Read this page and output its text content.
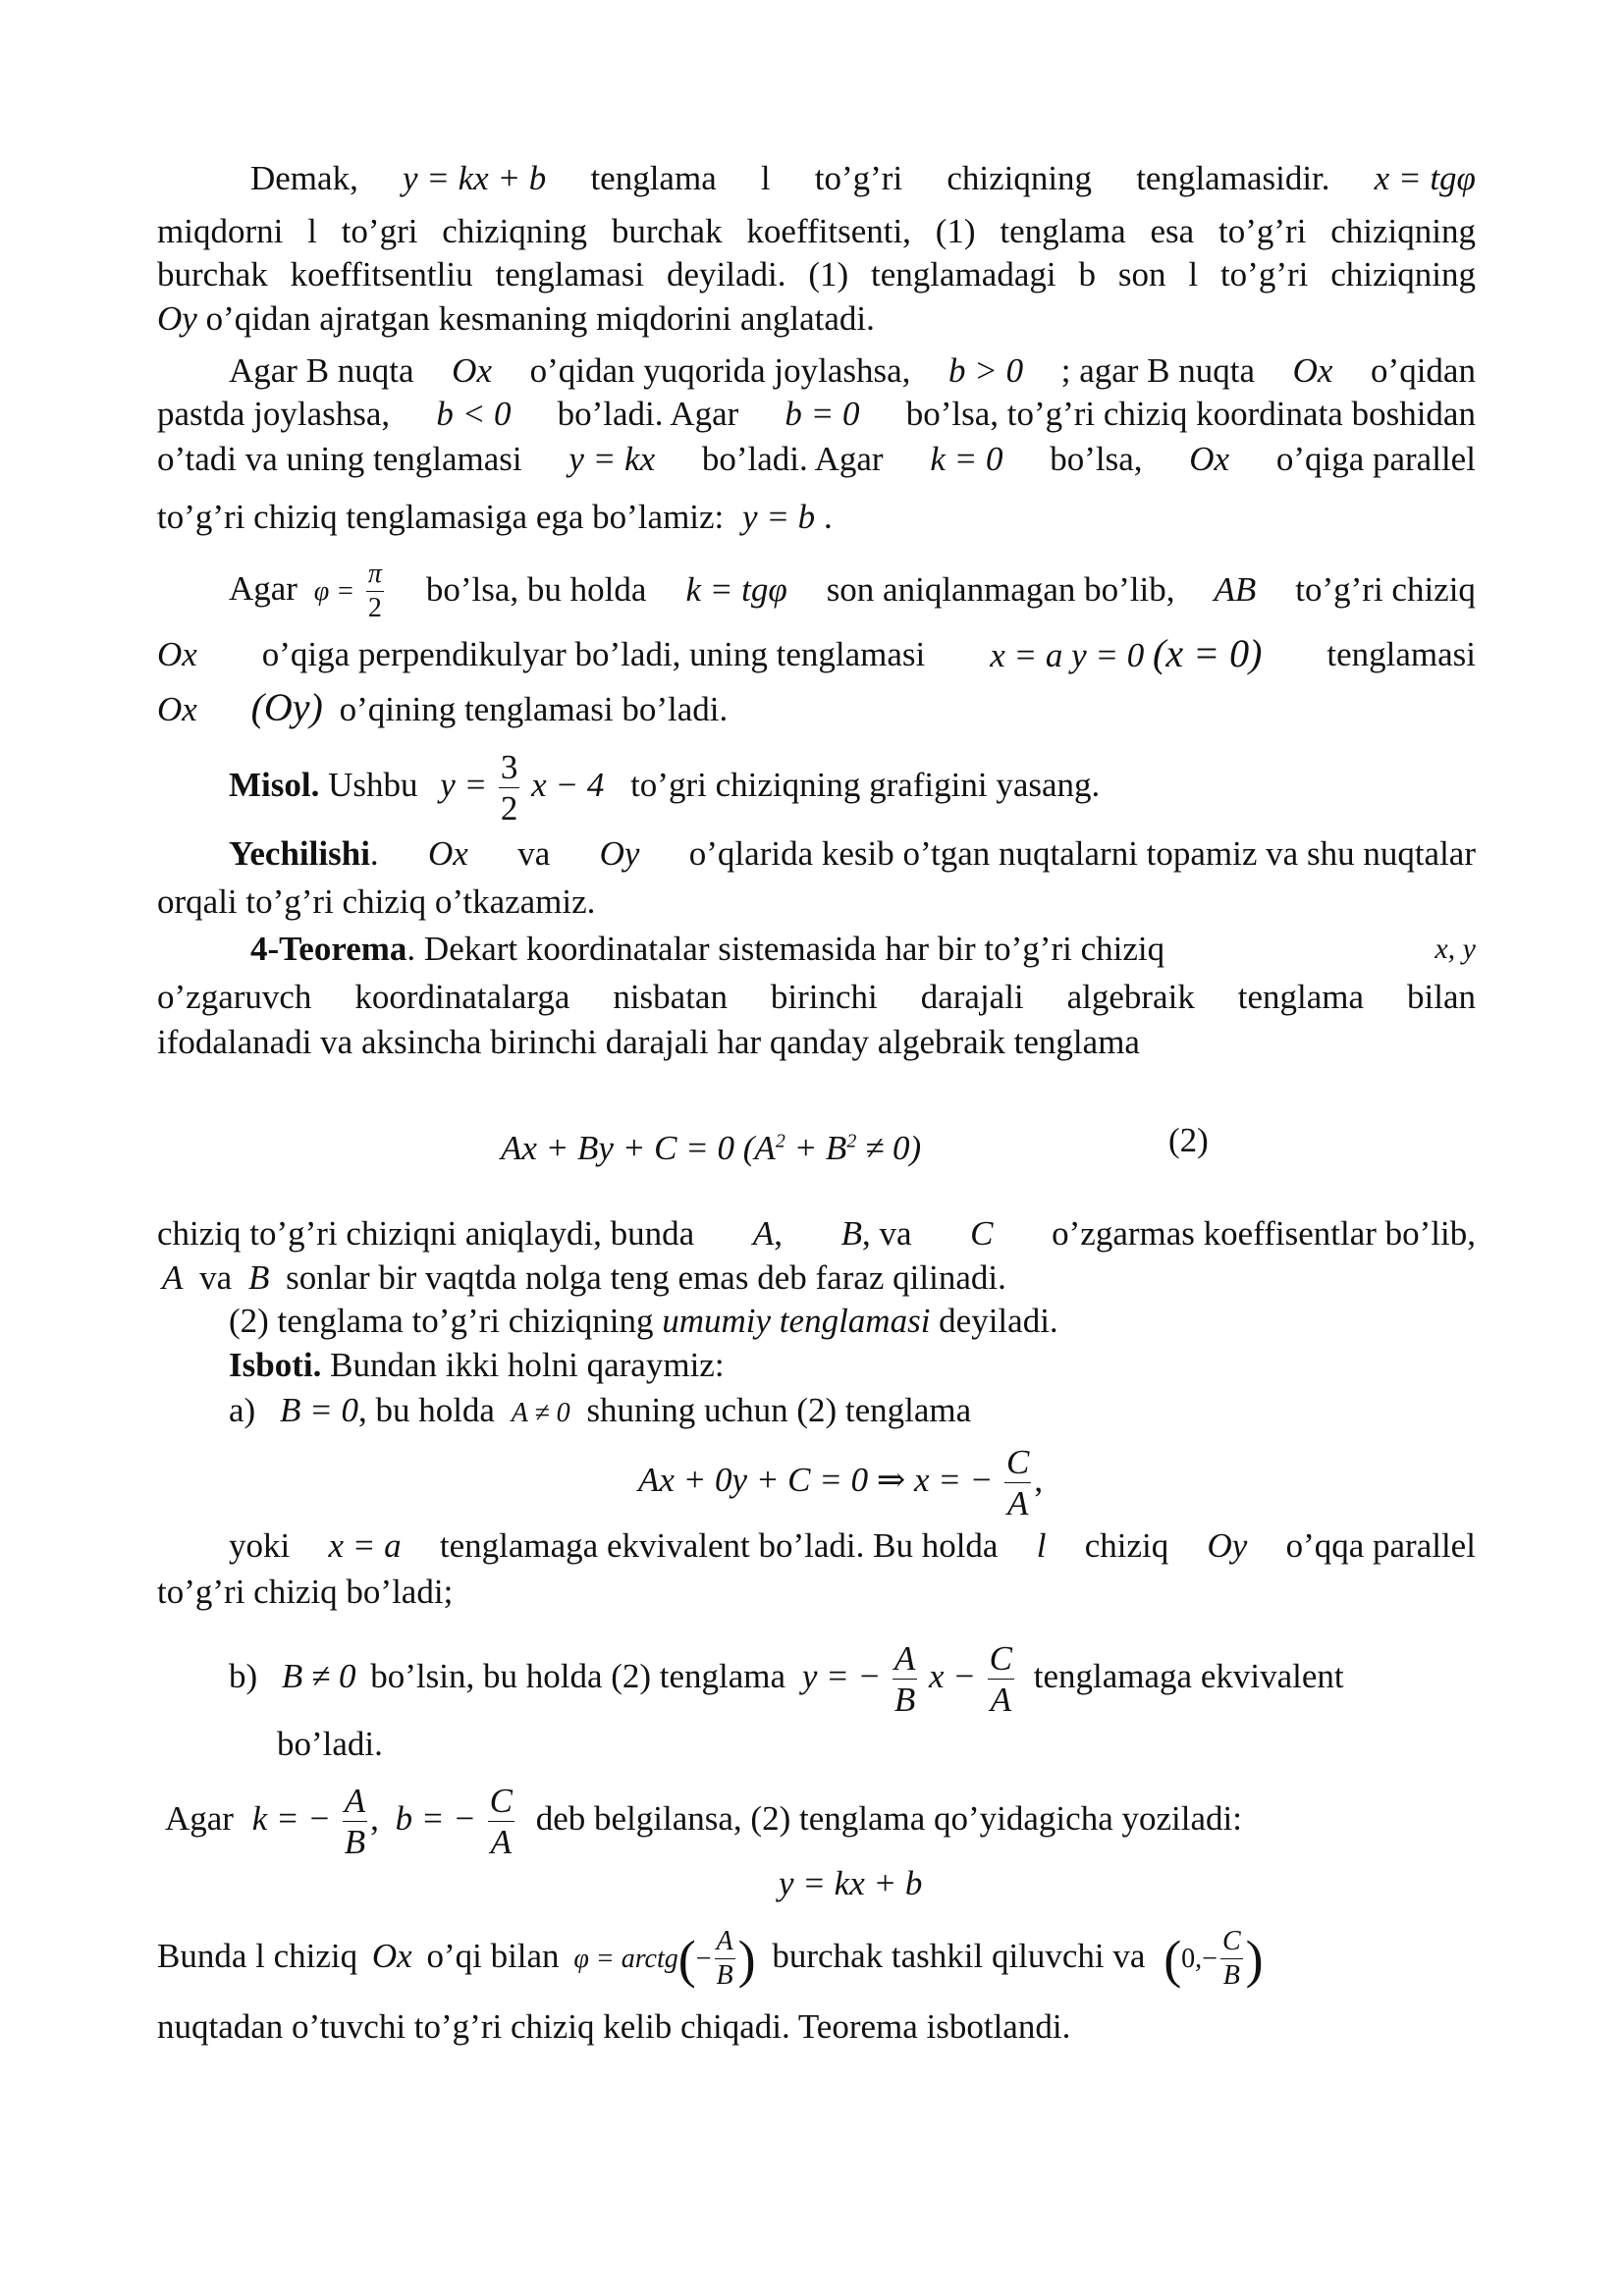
Demak, y = kx + b tenglama l to’g’ri chiziqning tenglamasidir. x = tgφ
miqdorni l to’gri chiziqning burchak koeffitsenti, (1) tenglama esa to’g’ri chiziqning
burchak koeffitsentliu tenglamasi deyiladi. (1) tenglamadagi b son l to’g’ri chiziqning
Oy o’qidan ajratgan kesmaning miqdorini anglatadi.
Agar B nuqta Ox o’qidan yuqorida joylashsa, b > 0 ; agar B nuqta Ox o’qidan
pastda joylashsa, b < 0 bo’ladi. Agar b = 0 bo’lsa, to’g’ri chiziq koordinata boshidan
o’tadi va uning tenglamasi y = kx bo’ladi. Agar k = 0 bo’lsa, Ox o’qiga parallel
to’g’ri chiziq tenglamasiga ega bo’lamiz: y = b .
Agar $\varphi = \frac{\pi}{2}$ bo’lsa, bu holda k = tgφ son aniqlanmagan bo’lib, AB to’g’ri chiziq
Ox o’qiga perpendikulyar bo’ladi, uning tenglamasi x = a y = 0 (x = 0) tenglamasi
Ox (Oy) o’qining tenglamasi bo’ladi.
Misol. Ushbu $y = \frac{3}{2}$ x − 4 to’gri chiziqning grafigini yasang.
Yechilishi. Ox va Oy o’qlarida kesib o’tgan nuqtalarni topamiz va shu nuqtalar
orqali to’g’ri chiziq o’tkazamiz.
4-Teorema. Dekart koordinatalar sistemasida har bir to’g’ri chiziq	x, y
o’zgaruvch koordinatalarga nisbatan birinchi darajali algebraik tenglama bilan
ifodalanadi va aksincha birinchi darajali har qanday algebraik tenglama
Ax + By + C = 0 $(A^2 + B^2 \ne 0)$	(2)
chiziq to’g’ri chiziqni aniqlaydi, bunda A, B, va C o’zgarmas koeffisentlar bo’lib,
A va B sonlar bir vaqtda nolga teng emas deb faraz qilinadi.
(2) tenglama to’g’ri chiziqning umumiy tenglamasi deyiladi.
Isboti. Bundan ikki holni qaraymiz:
a) B = 0, bu holda A ≠ 0 shuning uchun (2) tenglama
Ax + 0y + C = 0 ⇒ x = − $\frac{C}{A}$ ,
yoki x = a tenglamaga ekvivalent bo’ladi. Bu holda l chiziq Oy o’qqa parallel
to’g’ri chiziq bo’ladi;
b) B ≠ 0 bo’lsin, bu holda (2) tenglama y = − $\frac{A}{B}$ $x - \frac{C}{A}$ tenglamaga ekvivalent
bo’ladi.
Agar k = − $\frac{A}{B}$ , b = − $\frac{C}{A}$ deb belgilansa, (2) tenglama qo’yidagicha yoziladi:
y = kx + b
Bunda l chiziq Ox o’qi bilan φ = arctg(− $\frac{A}{B}$ ) burchak tashkil qiluvchi va ($0,- \frac{C}{B}$ )
nuqtadan o’tuvchi to’g’ri chiziq kelib chiqadi. Teorema isbotlandi.
